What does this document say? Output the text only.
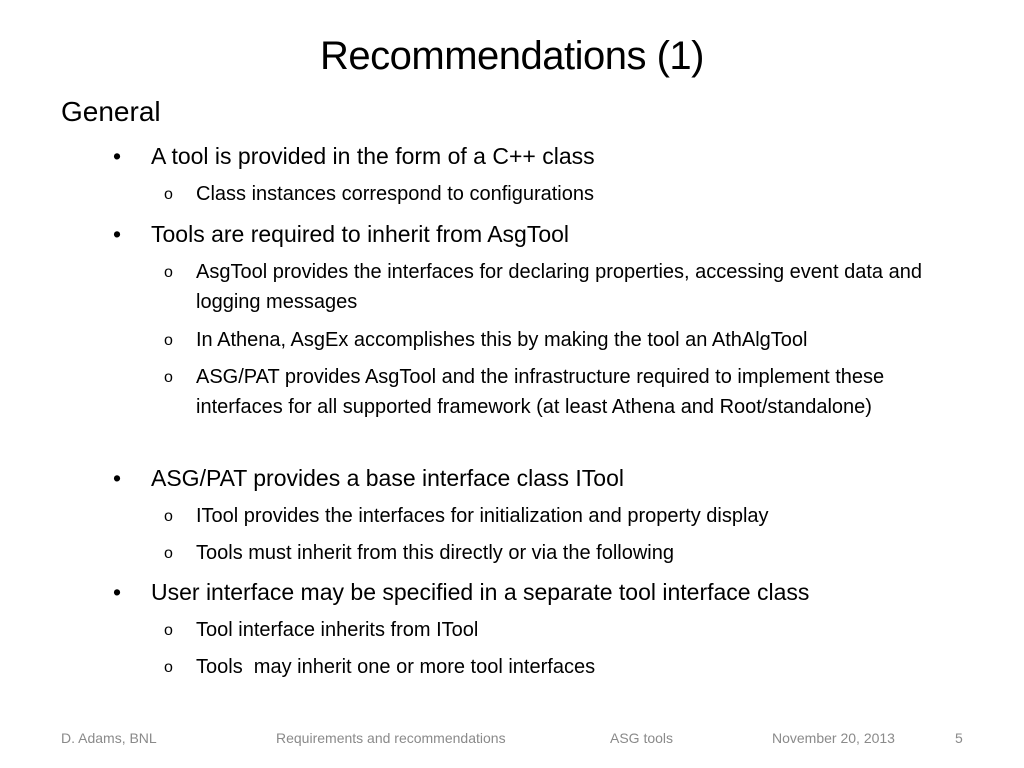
Recommendations (1)
General
• A tool is provided in the form of a C++ class
o Class instances correspond to configurations
• Tools are required to inherit from AsgTool
o AsgTool provides the interfaces for declaring properties, accessing event data and logging messages
o In Athena, AsgEx accomplishes this by making the tool an AthAlgTool
o ASG/PAT provides AsgTool and the infrastructure required to implement these interfaces for all supported framework (at least Athena and Root/standalone)
• ASG/PAT provides a base interface class ITool
o ITool provides the interfaces for initialization and property display
o Tools must inherit from this directly or via the following
• User interface may be specified in a separate tool interface class
o Tool interface inherits from ITool
o Tools  may inherit one or more tool interfaces
D. Adams, BNL	Requirements and recommendations	ASG tools	November 20, 2013	5
